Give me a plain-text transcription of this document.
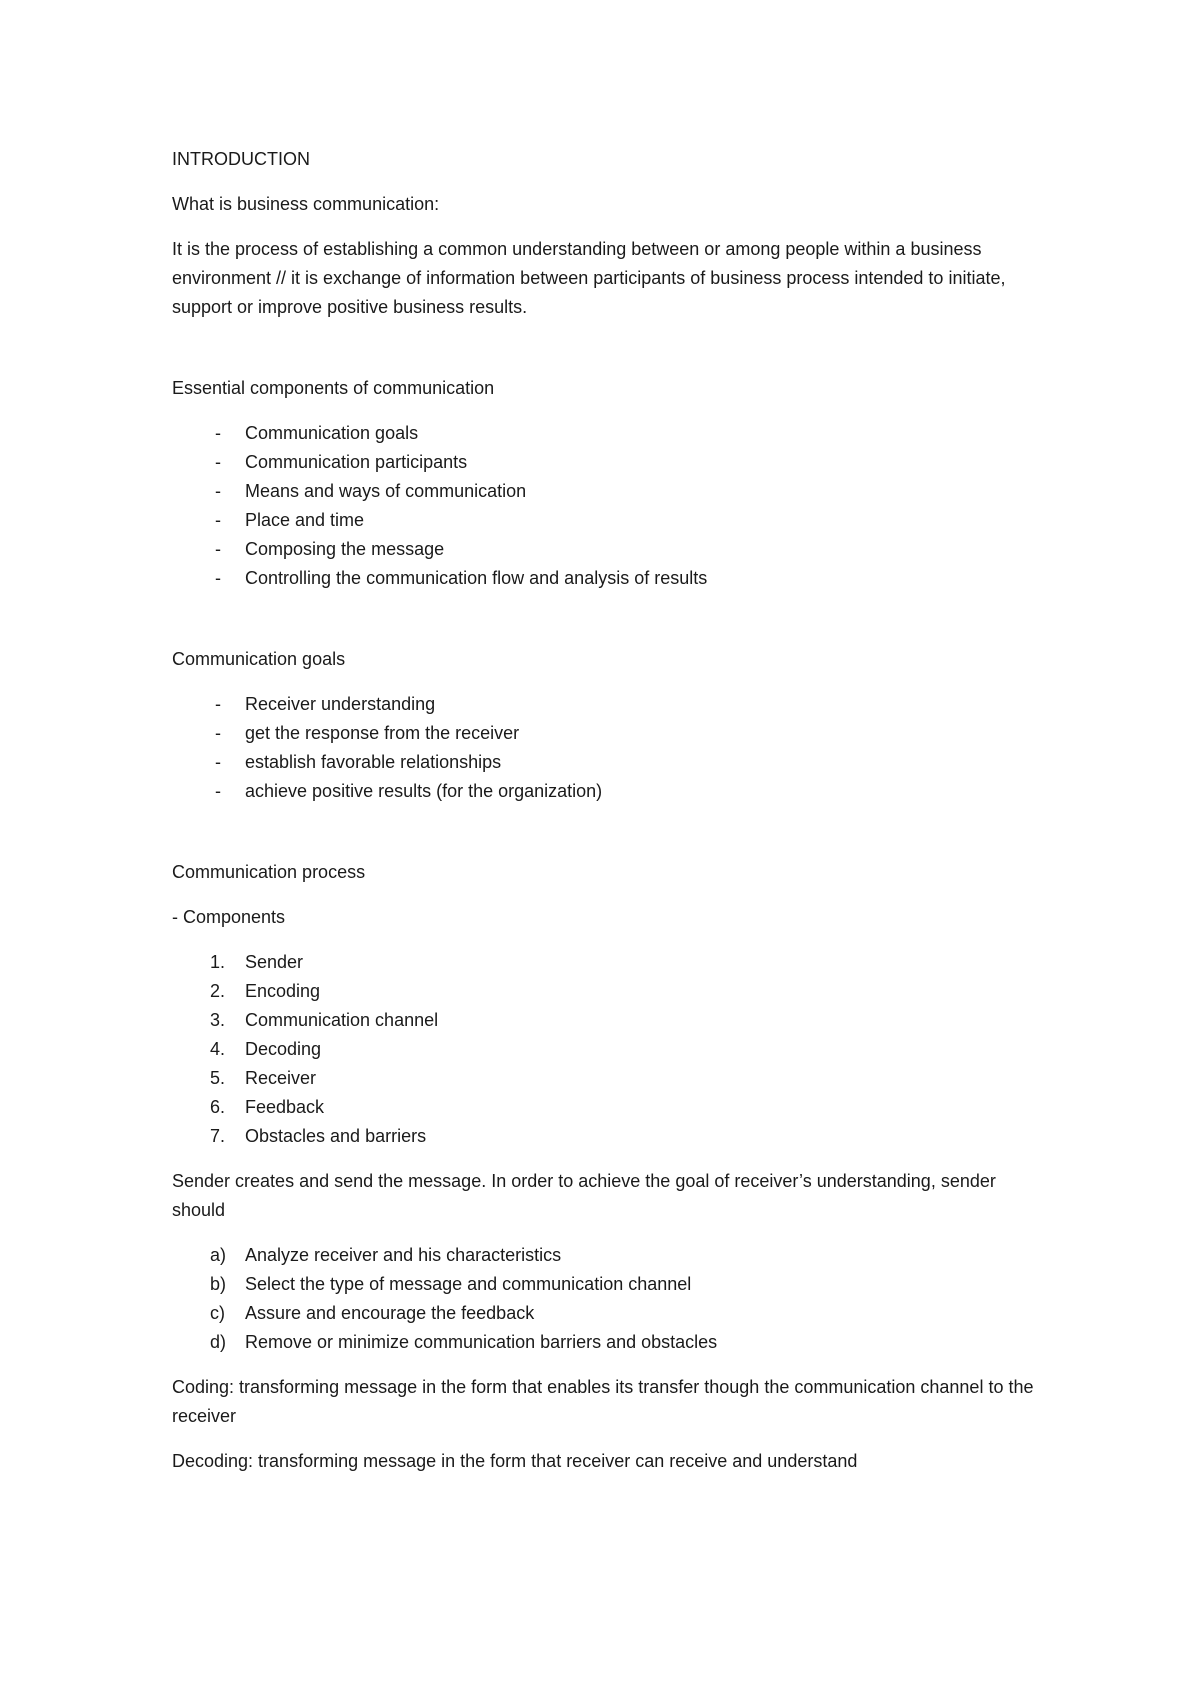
INTRODUCTION

What is business communication:

It is the process of establishing a common understanding between or among people within a business environment // it is exchange of information between participants of business process intended to initiate, support or improve positive business results.

Essential components of communication

- Communication goals
- Communication participants
- Means and ways of communication
- Place and time
- Composing the message
- Controlling the communication flow and analysis of results

Communication goals

- Receiver understanding
- get the response from the receiver
- establish favorable relationships
- achieve positive results (for the organization)

Communication process

- Components

1. Sender
2. Encoding
3. Communication channel
4. Decoding
5. Receiver
6. Feedback
7. Obstacles and barriers

Sender creates and send the message. In order to achieve the goal of receiver’s understanding, sender should

a) Analyze receiver and his characteristics
b) Select the type of message and communication channel
c) Assure and encourage the feedback
d) Remove or minimize communication barriers and obstacles

Coding: transforming message in the form that enables its transfer though the communication channel to the receiver

Decoding: transforming message in the form that receiver can receive and understand
